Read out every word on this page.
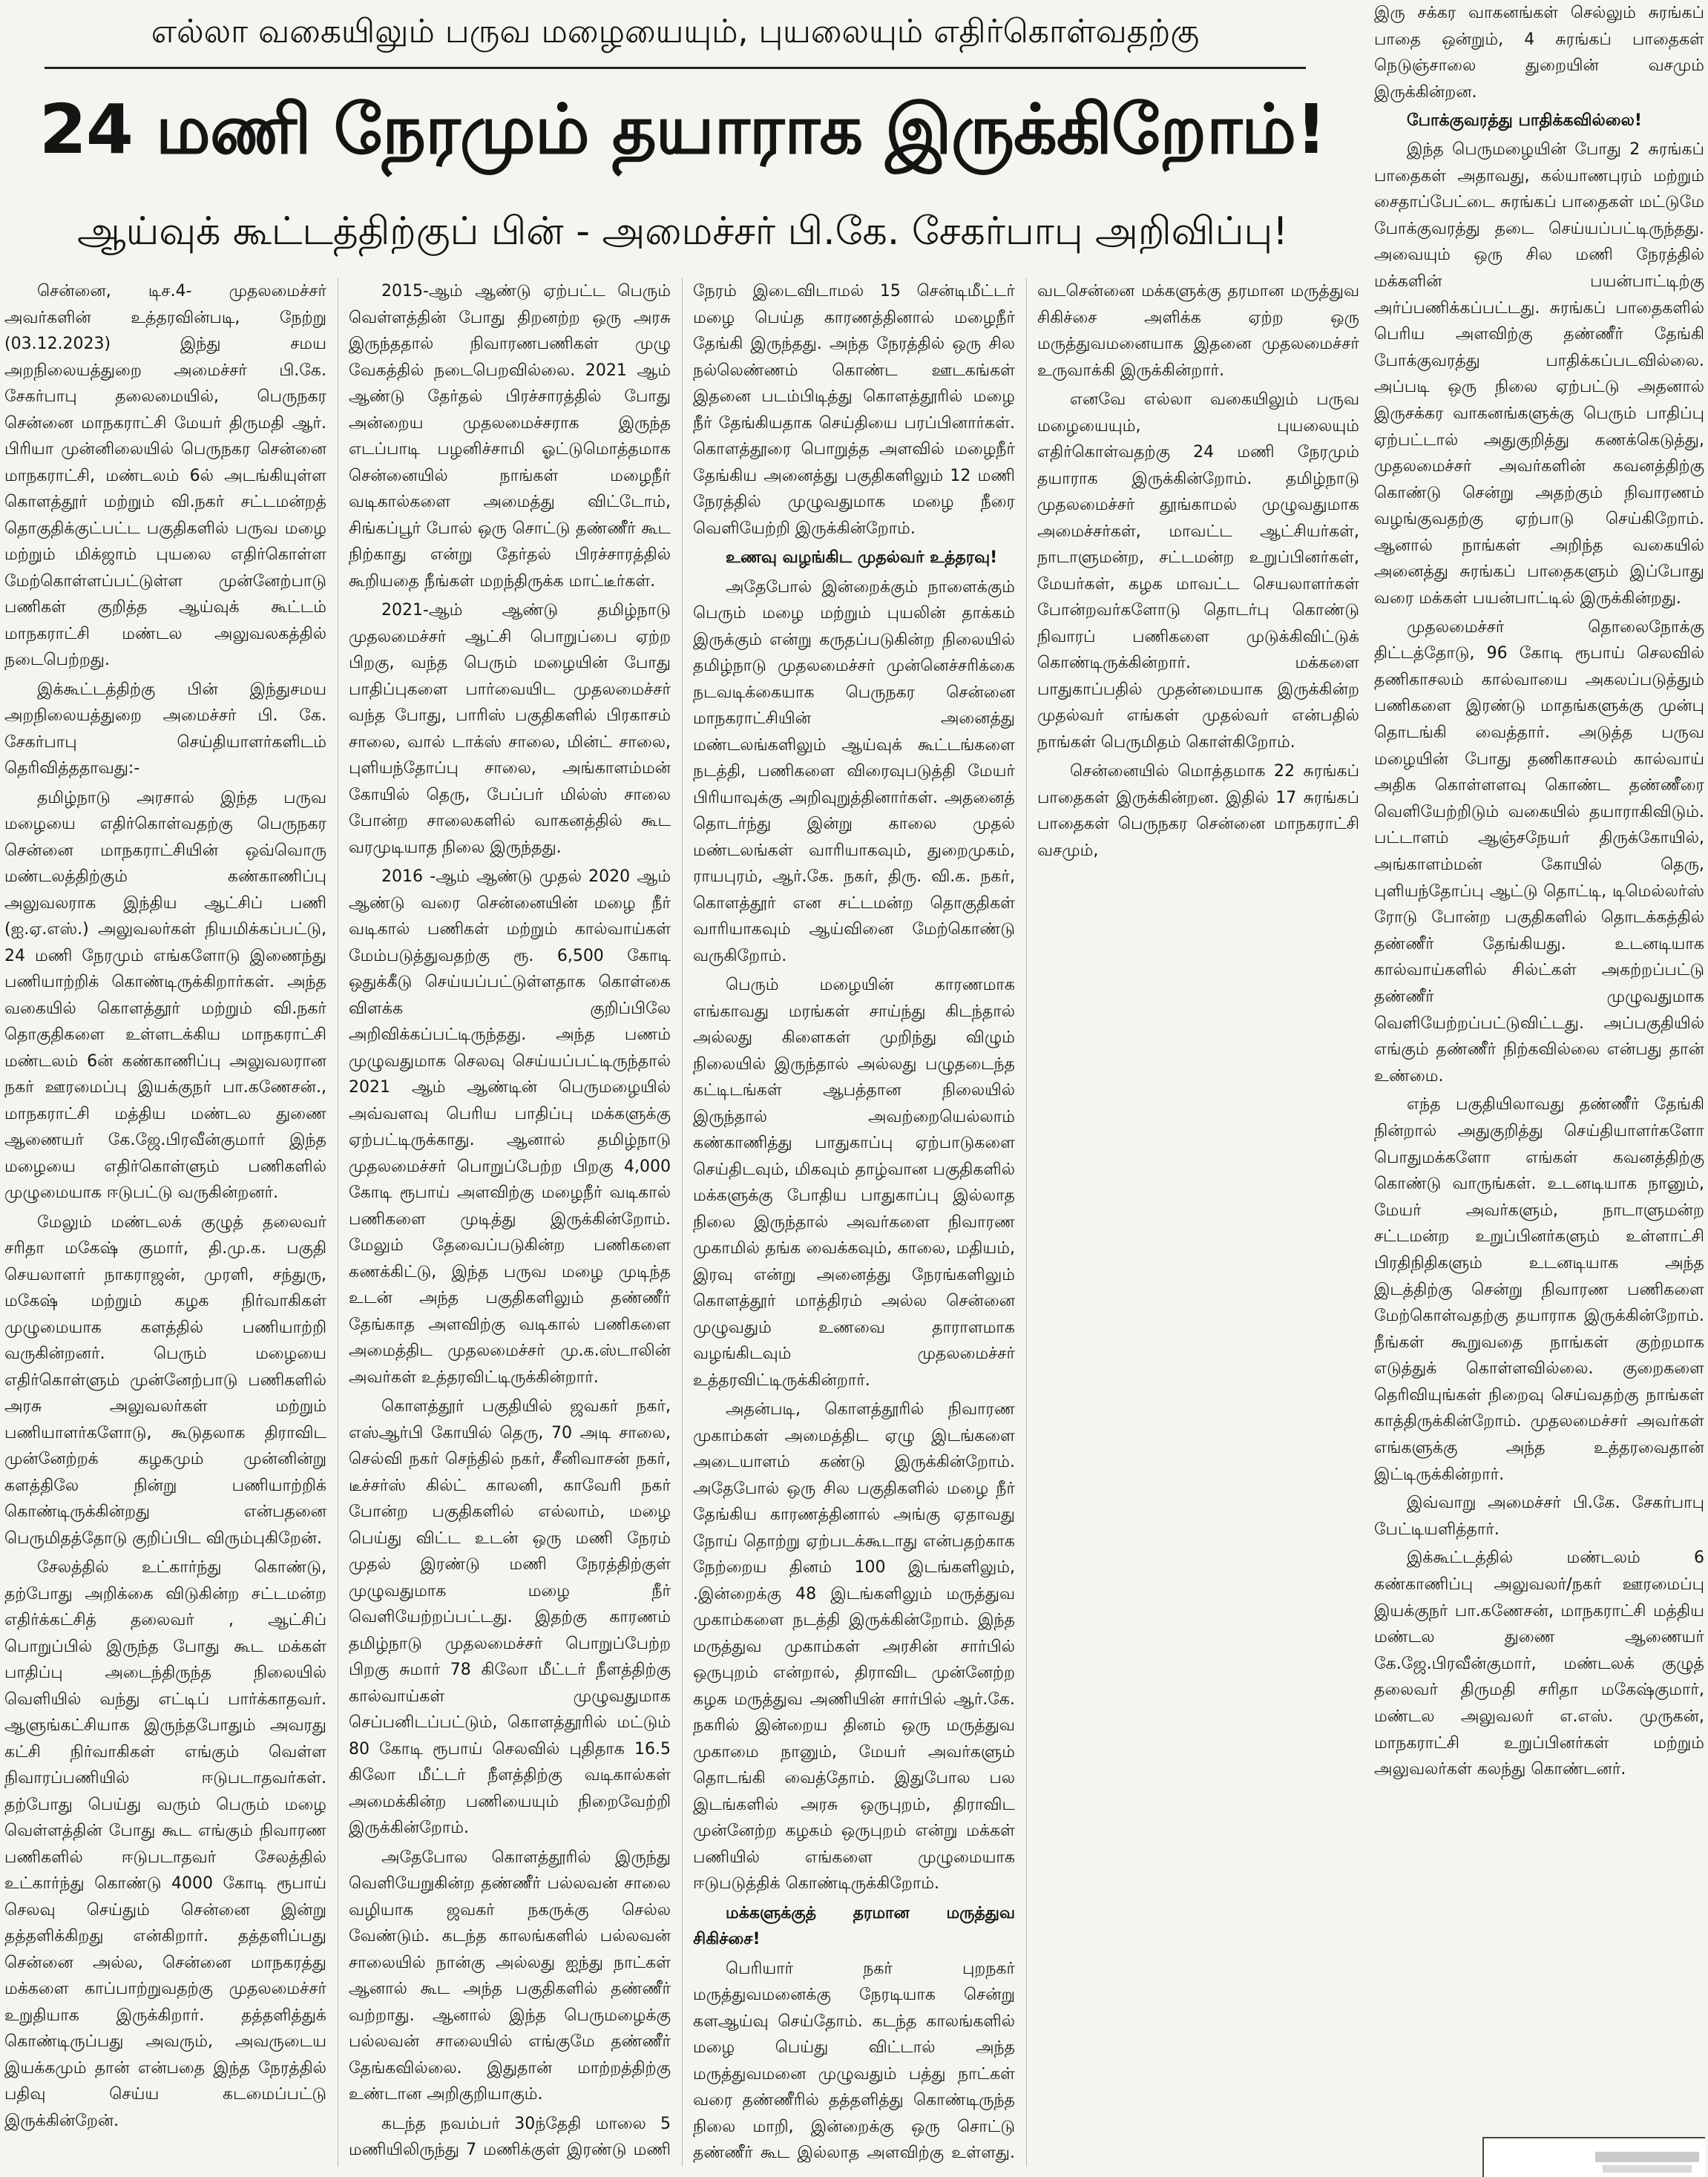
எல்லா வகையிலும் பருவ மழையையும், புயலையும் எதிர்கொள்வதற்கு
24 மணி நேரமும் தயாராக இருக்கிறோம்!
ஆய்வுக் கூட்டத்திற்குப் பின் - அமைச்சர் பி.கே. சேகர்பாபு அறிவிப்பு!

சென்னை, டிச.4- முதலமைச்சர் அவர்களின் உத்தரவின்படி, நேற்று (03.12.2023) இந்து சமய அறநிலையத்துறை அமைச்சர் பி.கே. சேகர்பாபு தலைமையில், பெருநகர சென்னை மாநகராட்சி மேயர் திருமதி ஆர். பிரியா முன்னிலையில் பெருநகர சென்னை மாநகராட்சி, மண்டலம் 6ல் அடங்கியுள்ள கொளத்தூர் மற்றும் வி.நகர் சட்டமன்றத் தொகுதிக்குட்பட்ட பகுதிகளில் பருவ மழை மற்றும் மிக்ஜாம் புயலை எதிர்கொள்ள மேற்கொள்ளப்பட்டுள்ள முன்னேற்பாடு பணிகள் குறித்த ஆய்வுக் கூட்டம் மாநகராட்சி மண்டல அலுவலகத்தில் நடைபெற்றது.

இக்கூட்டத்திற்கு பின் இந்துசமய அறநிலையத்துறை அமைச்சர் பி. கே. சேகர்பாபு செய்தியாளர்களிடம் தெரிவித்ததாவது:-

தமிழ்நாடு அரசால் இந்த பருவ மழையை எதிர்கொள்வதற்கு பெருநகர சென்னை மாநகராட்சியின் ஒவ்வொரு மண்டலத்திற்கும் கண்காணிப்பு அலுவலராக இந்திய ஆட்சிப் பணி (ஐ.ஏ.எஸ்.) அலுவலர்கள் நியமிக்கப்பட்டு, 24 மணி நேரமும் எங்களோடு இணைந்து பணியாற்றிக் கொண்டிருக்கிறார்கள். அந்த வகையில் கொளத்தூர் மற்றும் வி.நகர் தொகுதிகளை உள்ளடக்கிய மாநகராட்சி மண்டலம் 6ன் கண்காணிப்பு அலுவலரான நகர் ஊரமைப்பு இயக்குநர் பா.கணேசன்., மாநகராட்சி மத்திய மண்டல துணை ஆணையர் கே.ஜே.பிரவீன்குமார் இந்த மழையை எதிர்கொள்ளும் பணிகளில் முழுமையாக ஈடுபட்டு வருகின்றனர்.

மேலும் மண்டலக் குழுத் தலைவர் சரிதா மகேஷ் குமார், தி.மு.க. பகுதி செயலாளர் நாகராஜன், முரளி, சந்துரு, மகேஷ் மற்றும் கழக நிர்வாகிகள் முழுமையாக களத்தில் பணியாற்றி வருகின்றனர். பெரும் மழையை எதிர்கொள்ளும் முன்னேற்பாடு பணிகளில் அரசு அலுவலர்கள் மற்றும் பணியாளர்களோடு, கூடுதலாக திராவிட முன்னேற்றக் கழகமும் முன்னின்று களத்திலே நின்று பணியாற்றிக் கொண்டிருக்கின்றது என்பதனை பெருமிதத்தோடு குறிப்பிட விரும்புகிறேன்.

சேலத்தில் உட்கார்ந்து கொண்டு, தற்போது அறிக்கை விடுகின்ற சட்டமன்ற எதிர்க்கட்சித் தலைவர் , ஆட்சிப் பொறுப்பில் இருந்த போது கூட மக்கள் பாதிப்பு அடைந்திருந்த நிலையில் வெளியில் வந்து எட்டிப் பார்க்காதவர். ஆளுங்கட்சியாக இருந்தபோதும் அவரது கட்சி நிர்வாகிகள் எங்கும் வெள்ள நிவாரப்பணியில் ஈடுபடாதவர்கள். தற்போது பெய்து வரும் பெரும் மழை வெள்ளத்தின் போது கூட எங்கும் நிவாரண பணிகளில் ஈடுபடாதவர் சேலத்தில் உட்கார்ந்து கொண்டு 4000 கோடி ரூபாய் செலவு செய்தும் சென்னை இன்று தத்தளிக்கிறது என்கிறார். தத்தளிப்பது சென்னை அல்ல, சென்னை மாநகரத்து மக்களை காப்பாற்றுவதற்கு முதலமைச்சர் உறுதியாக இருக்கிறார். தத்தளித்துக் கொண்டிருப்பது அவரும், அவருடைய இயக்கமும் தான் என்பதை இந்த நேரத்தில் பதிவு செய்ய கடமைப்பட்டு இருக்கின்றேன்.

2015-ஆம் ஆண்டு ஏற்பட்ட பெரும் வெள்ளத்தின் போது திறனற்ற ஒரு அரசு இருந்ததால் நிவாரணபணிகள் முழு வேகத்தில் நடைபெறவில்லை. 2021 ஆம் ஆண்டு தேர்தல் பிரச்சாரத்தில் போது அன்றைய முதலமைச்சராக இருந்த எடப்பாடி பழனிச்சாமி ஓட்டுமொத்தமாக சென்னையில் நாங்கள் மழைநீர் வடிகால்களை அமைத்து விட்டோம், சிங்கப்பூர் போல் ஒரு சொட்டு தண்ணீர் கூட நிற்காது என்று தேர்தல் பிரச்சாரத்தில் கூறியதை நீங்கள் மறந்திருக்க மாட்டீர்கள்.

2021-ஆம் ஆண்டு தமிழ்நாடு முதலமைச்சர் ஆட்சி பொறுப்பை ஏற்ற பிறகு, வந்த பெரும் மழையின் போது பாதிப்புகளை பார்வையிட முதலமைச்சர் வந்த போது, பாரிஸ் பகுதிகளில் பிரகாசம் சாலை, வால் டாக்ஸ் சாலை, மின்ட் சாலை, புளியந்தோப்பு சாலை, அங்காளம்மன் கோயில் தெரு, பேப்பர் மில்ஸ் சாலை போன்ற சாலைகளில் வாகனத்தில் கூட வரமுடியாத நிலை இருந்தது.

2016 -ஆம் ஆண்டு முதல் 2020 ஆம் ஆண்டு வரை சென்னையின் மழை நீர் வடிகால் பணிகள் மற்றும் கால்வாய்கள் மேம்படுத்துவதற்கு ரூ. 6,500 கோடி ஒதுக்கீடு செய்யப்பட்டுள்ளதாக கொள்கை விளக்க குறிப்பிலே அறிவிக்கப்பட்டிருந்தது. அந்த பணம் முழுவதுமாக செலவு செய்யப்பட்டிருந்தால் 2021 ஆம் ஆண்டின் பெருமழையில் அவ்வளவு பெரிய பாதிப்பு மக்களுக்கு ஏற்பட்டிருக்காது. ஆனால் தமிழ்நாடு முதலமைச்சர் பொறுப்பேற்ற பிறகு 4,000 கோடி ரூபாய் அளவிற்கு மழைநீர் வடிகால் பணிகளை முடித்து இருக்கின்றோம். மேலும் தேவைப்படுகின்ற பணிகளை கணக்கிட்டு, இந்த பருவ மழை முடிந்த உடன் அந்த பகுதிகளிலும் தண்ணீர் தேங்காத அளவிற்கு வடிகால் பணிகளை அமைத்திட முதலமைச்சர் மு.க.ஸ்டாலின் அவர்கள் உத்தரவிட்டிருக்கின்றார்.

கொளத்தூர் பகுதியில் ஜவகர் நகர், எஸ்ஆர்பி கோயில் தெரு, 70 அடி சாலை, செல்வி நகர் செந்தில் நகர், சீனிவாசன் நகர், டீச்சர்ஸ் கில்ட் காலனி, காவேரி நகர் போன்ற பகுதிகளில் எல்லாம், மழை பெய்து விட்ட உடன் ஒரு மணி நேரம் முதல் இரண்டு மணி நேரத்திற்குள் முழுவதுமாக மழை நீர் வெளியேற்றப்பட்டது. இதற்கு காரணம் தமிழ்நாடு முதலமைச்சர் பொறுப்பேற்ற பிறகு சுமார் 78 கிலோ மீட்டர் நீளத்திற்கு கால்வாய்கள் முழுவதுமாக செப்பனிடப்பட்டும், கொளத்தூரில் மட்டும் 80 கோடி ரூபாய் செலவில் புதிதாக 16.5 கிலோ மீட்டர் நீளத்திற்கு வடிகால்கள் அமைக்கின்ற பணியையும் நிறைவேற்றி இருக்கின்றோம்.

அதேபோல கொளத்தூரில் இருந்து வெளியேறுகின்ற தண்ணீர் பல்லவன் சாலை வழியாக ஜவகர் நகருக்கு செல்ல வேண்டும். கடந்த காலங்களில் பல்லவன் சாலையில் நான்கு அல்லது ஐந்து நாட்கள் ஆனால் கூட அந்த பகுதிகளில் தண்ணீர் வற்றாது. ஆனால் இந்த பெருமழைக்கு பல்லவன் சாலையில் எங்குமே தண்ணீர் தேங்கவில்லை. இதுதான் மாற்றத்திற்கு உண்டான அறிகுறியாகும்.

கடந்த நவம்பர் 30ந்தேதி மாலை 5 மணியிலிருந்து 7 மணிக்குள் இரண்டு மணி நேரம் இடைவிடாமல் 15 சென்டிமீட்டர் மழை பெய்த காரணத்தினால் மழைநீர் தேங்கி இருந்தது. அந்த நேரத்தில் ஒரு சில நல்லெண்ணம் கொண்ட ஊடகங்கள் இதனை படம்பிடித்து கொளத்தூரில் மழை நீர் தேங்கியதாக செய்தியை பரப்பினார்கள். கொளத்தூரை பொறுத்த அளவில் மழைநீர் தேங்கிய அனைத்து பகுதிகளிலும் 12 மணி நேரத்தில் முழுவதுமாக மழை நீரை வெளியேற்றி இருக்கின்றோம்.

உணவு வழங்கிட முதல்வர் உத்தரவு!

அதேபோல் இன்றைக்கும் நாளைக்கும் பெரும் மழை மற்றும் புயலின் தாக்கம் இருக்கும் என்று கருதப்படுகின்ற நிலையில் தமிழ்நாடு முதலமைச்சர் முன்னெச்சரிக்கை நடவடிக்கையாக பெருநகர சென்னை மாநகராட்சியின் அனைத்து மண்டலங்களிலும் ஆய்வுக் கூட்டங்களை நடத்தி, பணிகளை விரைவுபடுத்தி மேயர் பிரியாவுக்கு அறிவுறுத்தினார்கள். அதனைத் தொடர்ந்து இன்று காலை முதல் மண்டலங்கள் வாரியாகவும், துறைமுகம், ராயபுரம், ஆர்.கே. நகர், திரு. வி.க. நகர், கொளத்தூர் என சட்டமன்ற தொகுதிகள் வாரியாகவும் ஆய்வினை மேற்கொண்டு வருகிறோம்.

பெரும் மழையின் காரணமாக எங்காவது மரங்கள் சாய்ந்து கிடந்தால் அல்லது கிளைகள் முறிந்து விழும் நிலையில் இருந்தால் அல்லது பழுதடைந்த கட்டிடங்கள் ஆபத்தான நிலையில் இருந்தால் அவற்றையெல்லாம் கண்காணித்து பாதுகாப்பு ஏற்பாடுகளை செய்திடவும், மிகவும் தாழ்வான பகுதிகளில் மக்களுக்கு போதிய பாதுகாப்பு இல்லாத நிலை இருந்தால் அவர்களை நிவாரண முகாமில் தங்க வைக்கவும், காலை, மதியம், இரவு என்று அனைத்து நேரங்களிலும் கொளத்தூர் மாத்திரம் அல்ல சென்னை முழுவதும் உணவை தாராளமாக வழங்கிடவும் முதலமைச்சர் உத்தரவிட்டிருக்கின்றார்.

அதன்படி, கொளத்தூரில் நிவாரண முகாம்கள் அமைத்திட ஏழு இடங்களை அடையாளம் கண்டு இருக்கின்றோம். அதேபோல் ஒரு சில பகுதிகளில் மழை நீர் தேங்கிய காரணத்தினால் அங்கு ஏதாவது நோய் தொற்று ஏற்படக்கூடாது என்பதற்காக நேற்றைய தினம் 100 இடங்களிலும், .இன்றைக்கு 48 இடங்களிலும் மருத்துவ முகாம்களை நடத்தி இருக்கின்றோம். இந்த மருத்துவ முகாம்கள் அரசின் சார்பில் ஒருபுறம் என்றால், திராவிட முன்னேற்ற கழக மருத்துவ அணியின் சார்பில் ஆர்.கே. நகரில் இன்றைய தினம் ஒரு மருத்துவ முகாமை நானும், மேயர் அவர்களும் தொடங்கி வைத்தோம். இதுபோல பல இடங்களில் அரசு ஒருபுறம், திராவிட முன்னேற்ற கழகம் ஒருபுறம் என்று மக்கள் பணியில் எங்களை முழுமையாக ஈடுபடுத்திக் கொண்டிருக்கிறோம்.

மக்களுக்குத் தரமான மருத்துவ சிகிச்சை!

பெரியார் நகர் புறநகர் மருத்துவமனைக்கு நேரடியாக சென்று களஆய்வு செய்தோம். கடந்த காலங்களில் மழை பெய்து விட்டால் அந்த மருத்துவமனை முழுவதும் பத்து நாட்கள் வரை தண்ணீரில் தத்தளித்து கொண்டிருந்த நிலை மாறி, இன்றைக்கு ஒரு சொட்டு தண்ணீர் கூட இல்லாத அளவிற்கு உள்ளது. வடசென்னை மக்களுக்கு தரமான மருத்துவ சிகிச்சை அளிக்க ஏற்ற ஒரு மருத்துவமனையாக இதனை முதலமைச்சர் உருவாக்கி இருக்கின்றார்.

எனவே எல்லா வகையிலும் பருவ மழையையும், புயலையும் எதிர்கொள்வதற்கு 24 மணி நேரமும் தயாராக இருக்கின்றோம். தமிழ்நாடு முதலமைச்சர் தூங்காமல் முழுவதுமாக அமைச்சர்கள், மாவட்ட ஆட்சியர்கள், நாடாளுமன்ற, சட்டமன்ற உறுப்பினர்கள், மேயர்கள், கழக மாவட்ட செயலாளர்கள் போன்றவர்களோடு தொடர்பு கொண்டு நிவாரப் பணிகளை முடுக்கிவிட்டுக் கொண்டிருக்கின்றார். மக்களை பாதுகாப்பதில் முதன்மையாக இருக்கின்ற முதல்வர் எங்கள் முதல்வர் என்பதில் நாங்கள் பெருமிதம் கொள்கிறோம்.

சென்னையில் மொத்தமாக 22 சுரங்கப் பாதைகள் இருக்கின்றன. இதில் 17 சுரங்கப் பாதைகள் பெருநகர சென்னை மாநகராட்சி வசமும்,

இரு சக்கர வாகனங்கள் செல்லும் சுரங்கப் பாதை ஒன்றும், 4 சுரங்கப் பாதைகள் நெடுஞ்சாலை துறையின் வசமும் இருக்கின்றன.

போக்குவரத்து பாதிக்கவில்லை!

இந்த பெருமழையின் போது 2 சுரங்கப் பாதைகள் அதாவது, கல்யாணபுரம் மற்றும் சைதாப்பேட்டை சுரங்கப் பாதைகள் மட்டுமே போக்குவரத்து தடை செய்யப்பட்டிருந்தது. அவையும் ஒரு சில மணி நேரத்தில் மக்களின் பயன்பாட்டிற்கு அர்ப்பணிக்கப்பட்டது. சுரங்கப் பாதைகளில் பெரிய அளவிற்கு தண்ணீர் தேங்கி போக்குவரத்து பாதிக்கப்படவில்லை. அப்படி ஒரு நிலை ஏற்பட்டு அதனால் இருசக்கர வாகனங்களுக்கு பெரும் பாதிப்பு ஏற்பட்டால் அதுகுறித்து கணக்கெடுத்து, முதலமைச்சர் அவர்களின் கவனத்திற்கு கொண்டு சென்று அதற்கும் நிவாரணம் வழங்குவதற்கு ஏற்பாடு செய்கிறோம். ஆனால் நாங்கள் அறிந்த வகையில் அனைத்து சுரங்கப் பாதைகளும் இப்போது வரை மக்கள் பயன்பாட்டில் இருக்கின்றது.

முதலமைச்சர் தொலைநோக்கு திட்டத்தோடு, 96 கோடி ரூபாய் செலவில் தணிகாசலம் கால்வாயை அகலப்படுத்தும் பணிகளை இரண்டு மாதங்களுக்கு முன்பு தொடங்கி வைத்தார். அடுத்த பருவ மழையின் போது தணிகாசலம் கால்வாய் அதிக கொள்ளளவு கொண்ட தண்ணீரை வெளியேற்றிடும் வகையில் தயாராகிவிடும். பட்டாளம் ஆஞ்சநேயர் திருக்கோயில், அங்காளம்மன் கோயில் தெரு, புளியந்தோப்பு ஆட்டு தொட்டி, டிமெல்லர்ஸ் ரோடு போன்ற பகுதிகளில் தொடக்கத்தில் தண்ணீர் தேங்கியது. உடனடியாக கால்வாய்களில் சில்ட்கள் அகற்றப்பட்டு தண்ணீர் முழுவதுமாக வெளியேற்றப்பட்டுவிட்டது. அப்பகுதியில் எங்கும் தண்ணீர் நிற்கவில்லை என்பது தான் உண்மை.

எந்த பகுதியிலாவது தண்ணீர் தேங்கி நின்றால் அதுகுறித்து செய்தியாளர்களோ பொதுமக்களோ எங்கள் கவனத்திற்கு கொண்டு வாருங்கள். உடனடியாக நானும், மேயர் அவர்களும், நாடாளுமன்ற சட்டமன்ற உறுப்பினர்களும் உள்ளாட்சி பிரதிநிதிகளும் உடனடியாக அந்த இடத்திற்கு சென்று நிவாரண பணிகளை மேற்கொள்வதற்கு தயாராக இருக்கின்றோம். நீங்கள் கூறுவதை நாங்கள் குற்றமாக எடுத்துக் கொள்ளவில்லை. குறைகளை தெரிவியுங்கள் நிறைவு செய்வதற்கு நாங்கள் காத்திருக்கின்றோம். முதலமைச்சர் அவர்கள் எங்களுக்கு அந்த உத்தரவைதான் இட்டிருக்கின்றார்.

இவ்வாறு அமைச்சர் பி.கே. சேகர்பாபு பேட்டியளித்தார்.

இக்கூட்டத்தில் மண்டலம் 6 கண்காணிப்பு அலுவலர்/நகர் ஊரமைப்பு இயக்குநர் பா.கணேசன், மாநகராட்சி மத்திய மண்டல துணை ஆணையர் கே.ஜே.பிரவீன்குமார், மண்டலக் குழுத் தலைவர் திருமதி சரிதா மகேஷ்குமார், மண்டல அலுவலர் எ.எஸ். முருகன், மாநகராட்சி உறுப்பினர்கள் மற்றும் அலுவலர்கள் கலந்து கொண்டனர்.
